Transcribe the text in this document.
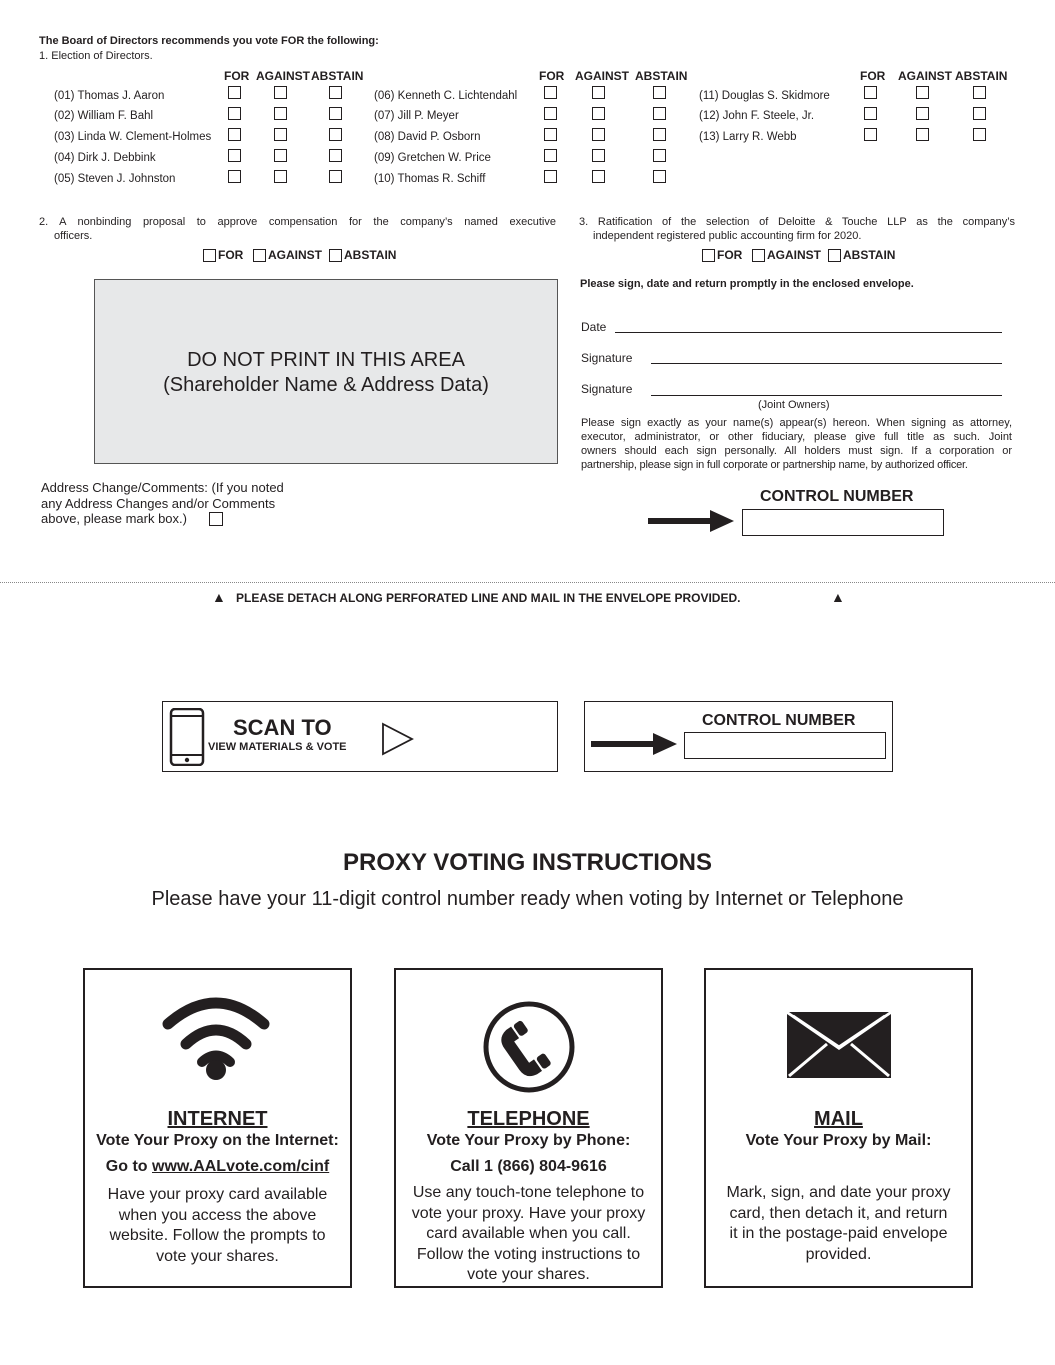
The Board of Directors recommends you vote FOR the following:
1. Election of Directors.
FOR AGAINST ABSTAIN	FOR AGAINST ABSTAIN	FOR AGAINST ABSTAIN
(01) Thomas J. Aaron
(02) William F. Bahl
(03) Linda W. Clement-Holmes
(04) Dirk J. Debbink
(05) Steven J. Johnston
(06) Kenneth C. Lichtendahl
(07) Jill P. Meyer
(08) David P. Osborn
(09) Gretchen W. Price
(10) Thomas R. Schiff
(11) Douglas S. Skidmore
(12) John F. Steele, Jr.
(13) Larry R. Webb
2. A nonbinding proposal to approve compensation for the company’s named executive
officers.
FOR AGAINST ABSTAIN
3. Ratification of the selection of Deloitte & Touche LLP as the company’s
independent registered public accounting firm for 2020.
FOR AGAINST ABSTAIN
DO NOT PRINT IN THIS AREA
(Shareholder Name & Address Data)
Please sign, date and return promptly in the enclosed envelope.
Date
Signature
Signature
(Joint Owners)
Please sign exactly as your name(s) appear(s) hereon. When signing as attorney,
executor, administrator, or other fiduciary, please give full title as such. Joint
owners should each sign personally. All holders must sign. If a corporation or
partnership, please sign in full corporate or partnership name, by authorized officer.
Address Change/Comments: (If you noted
any Address Changes and/or Comments
above, please mark box.)
CONTROL NUMBER
▲ PLEASE DETACH ALONG PERFORATED LINE AND MAIL IN THE ENVELOPE PROVIDED.	▲
SCAN TO
VIEW MATERIALS & VOTE
CONTROL NUMBER
PROXY VOTING INSTRUCTIONS
Please have your 11-digit control number ready when voting by Internet or Telephone
INTERNET
Vote Your Proxy on the Internet:
Go to www.AALvote.com/cinf
Have your proxy card available
when you access the above
website. Follow the prompts to
vote your shares.
TELEPHONE
Vote Your Proxy by Phone:
Call 1 (866) 804-9616
Use any touch-tone telephone to
vote your proxy. Have your proxy
card available when you call.
Follow the voting instructions to
vote your shares.
MAIL
Vote Your Proxy by Mail:
Mark, sign, and date your proxy
card, then detach it, and return
it in the postage-paid envelope
provided.
